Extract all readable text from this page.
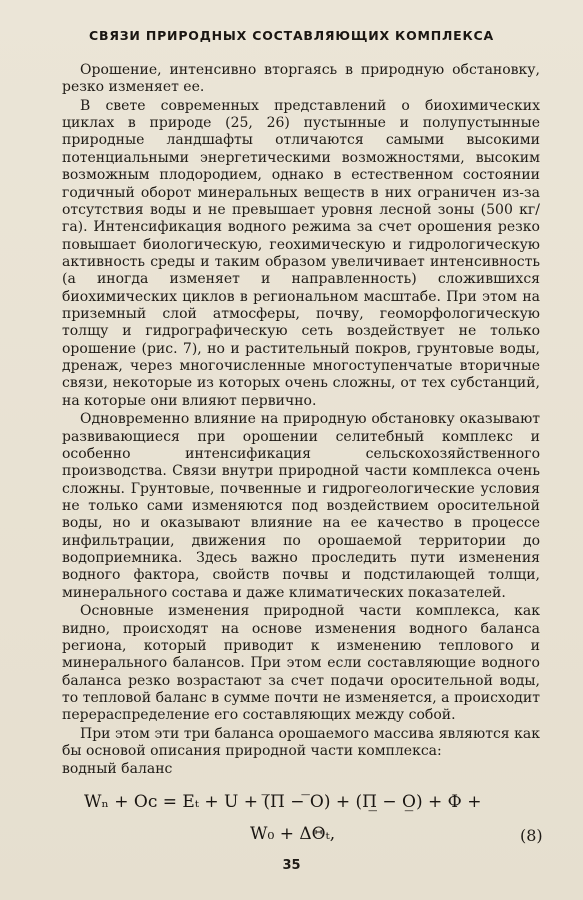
СВЯЗИ ПРИРОДНЫХ СОСТАВЛЯЮЩИХ КОМПЛЕКСА

Орошение, интенсивно вторгаясь в природную обстановку, резко изменяет ее.

В свете современных представлений о биохимических циклах в природе (25, 26) пустынные и полупустынные природные ландшафты отличаются самыми высокими потенциальными энергетическими возможностями, высоким возможным плодородием, однако в естественном состоянии годичный оборот минеральных веществ в них ограничен из-за отсутствия воды и не превышает уровня лесной зоны (500 кг/га). Интенсификация водного режима за счет орошения резко повышает биологическую, геохимическую и гидрологическую активность среды и таким образом увеличивает интенсивность (а иногда изменяет и направленность) сложившихся биохимических циклов в региональном масштабе. При этом на приземный слой атмосферы, почву, геоморфологическую толщу и гидрографическую сеть воздействует не только орошение (рис. 7), но и растительный покров, грунтовые воды, дренаж, через многочисленные многоступенчатые вторичные связи, некоторые из которых очень сложны, от тех субстанций, на которые они влияют первично.

Одновременно влияние на природную обстановку оказывают развивающиеся при орошении селитебный комплекс и особенно интенсификация сельскохозяйственного производства. Связи внутри природной части комплекса очень сложны. Грунтовые, почвенные и гидрогеологические условия не только сами изменяются под воздействием оросительной воды, но и оказывают влияние на ее качество в процессе инфильтрации, движения по орошаемой территории до водоприемника. Здесь важно проследить пути изменения водного фактора, свойств почвы и подстилающей толщи, минерального состава и даже климатических показателей.

Основные изменения природной части комплекса, как видно, происходят на основе изменения водного баланса региона, который приводит к изменению теплового и минерального балансов. При этом если составляющие водного баланса резко возрастают за счет подачи оросительной воды, то тепловой баланс в сумме почти не изменяется, а происходит перераспределение его составляющих между собой.

При этом эти три баланса орошаемого массива являются как бы основой описания природной части комплекса:

водный баланс

Wₙ + Oᴄ = Eₜ + U + (̅П − ̅O) + (П̲ − O̲) + Ф +
W₀ + ΔΘₜ,	(8)
35
